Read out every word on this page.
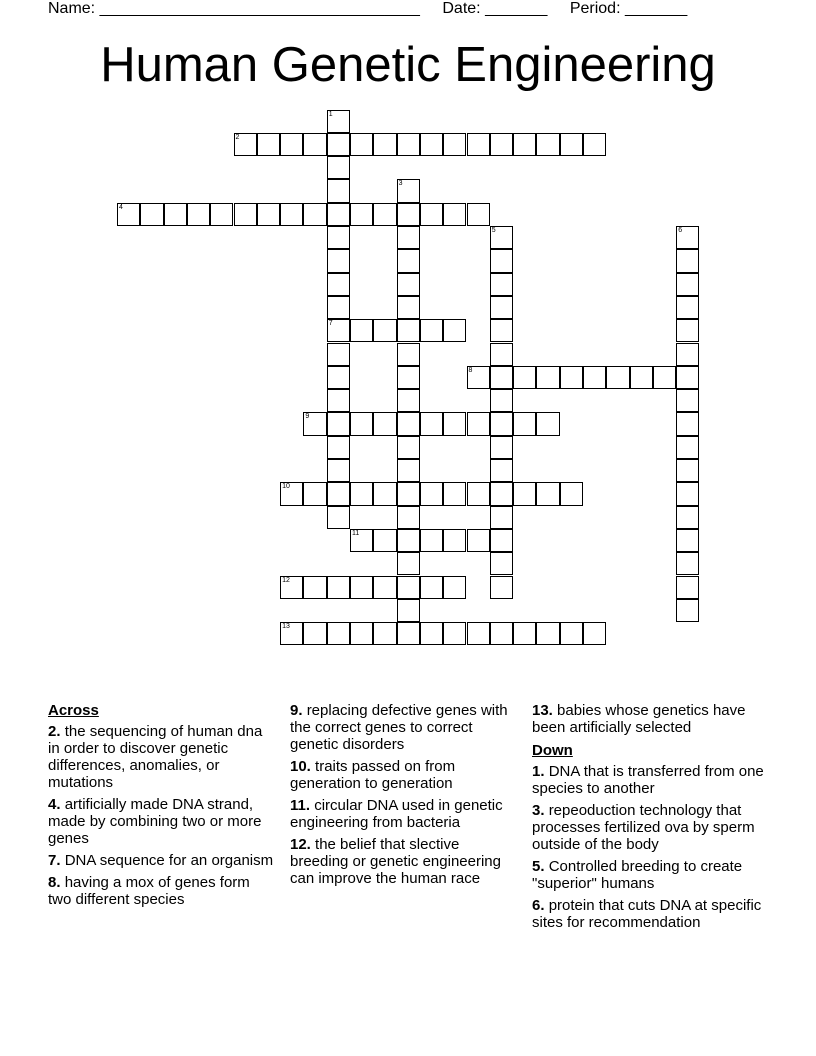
Name: ____________________________________ Date: _______ Period: _______
Human Genetic Engineering
1
7
2
3
4
5	6
8
9
10
11
12
13
Across
2. the sequencing of human dna in order to discover genetic differences, anomalies, or mutations
4. artificially made DNA strand, made by combining two or more genes
7. DNA sequence for an organism
8. having a mox of genes form two different species
9. replacing defective genes with the correct genes to correct genetic disorders
10. traits passed on from generation to generation
11. circular DNA used in genetic engineering from bacteria
12. the belief that slective breeding or genetic engineering can improve the human race
13. babies whose genetics have been artificially selected
Down
1. DNA that is transferred from one species to another
3. repeoduction technology that processes fertilized ova by sperm outside of the body
5. Controlled breeding to create "superior" humans
6. protein that cuts DNA at specific sites for recommendation
